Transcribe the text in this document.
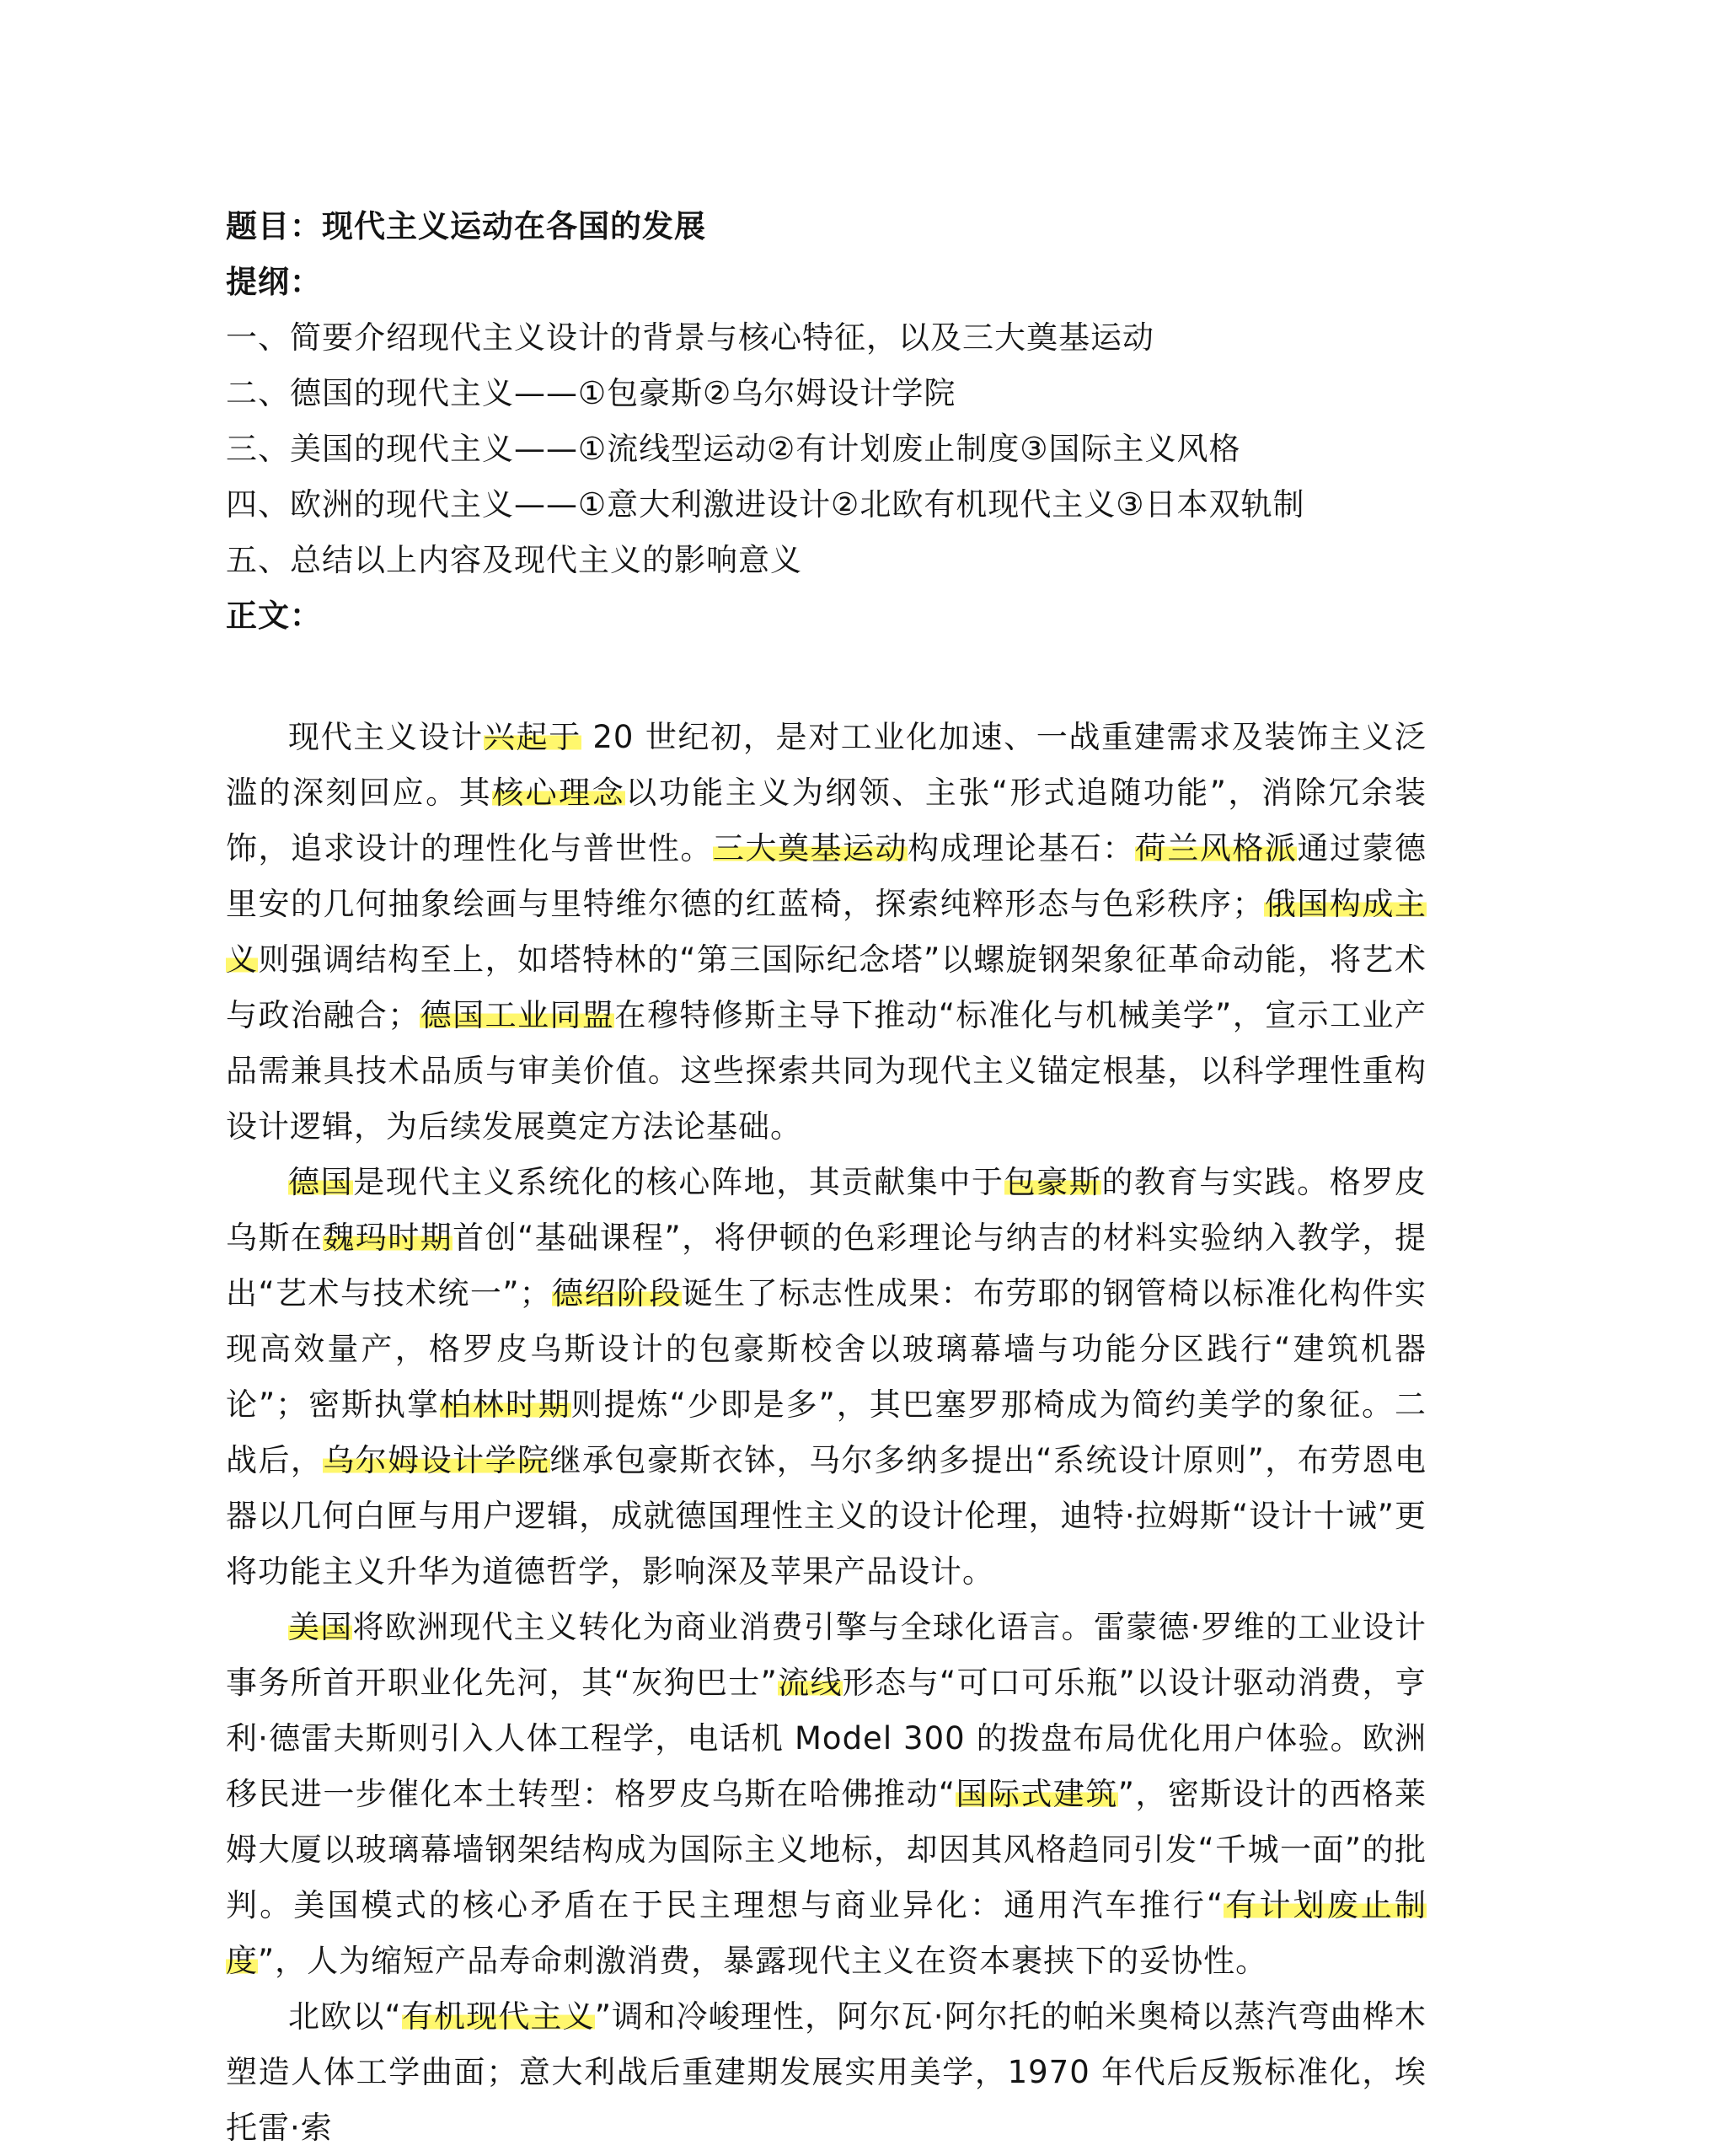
题目：现代主义运动在各国的发展
提纲：
一、简要介绍现代主义设计的背景与核心特征，以及三大奠基运动
二、德国的现代主义——①包豪斯②乌尔姆设计学院
三、美国的现代主义——①流线型运动②有计划废止制度③国际主义风格
四、欧洲的现代主义——①意大利激进设计②北欧有机现代主义③日本双轨制
五、总结以上内容及现代主义的影响意义
正文：

现代主义设计兴起于 20 世纪初，是对工业化加速、一战重建需求及装饰主义泛滥的深刻回应。其核心理念以功能主义为纲领、主张“形式追随功能”，消除冗余装饰，追求设计的理性化与普世性。三大奠基运动构成理论基石：荷兰风格派通过蒙德里安的几何抽象绘画与里特维尔德的红蓝椅，探索纯粹形态与色彩秩序；俄国构成主义则强调结构至上，如塔特林的“第三国际纪念塔”以螺旋钢架象征革命动能，将艺术与政治融合；德国工业同盟在穆特修斯主导下推动“标准化与机械美学”，宣示工业产品需兼具技术品质与审美价值。这些探索共同为现代主义锚定根基，以科学理性重构设计逻辑，为后续发展奠定方法论基础。

德国是现代主义系统化的核心阵地，其贡献集中于包豪斯的教育与实践。格罗皮乌斯在魏玛时期首创“基础课程”，将伊顿的色彩理论与纳吉的材料实验纳入教学，提出“艺术与技术统一”；德绍阶段诞生了标志性成果：布劳耶的钢管椅以标准化构件实现高效量产，格罗皮乌斯设计的包豪斯校舍以玻璃幕墙与功能分区践行“建筑机器论”；密斯执掌柏林时期则提炼“少即是多”，其巴塞罗那椅成为简约美学的象征。二战后，乌尔姆设计学院继承包豪斯衣钵，马尔多纳多提出“系统设计原则”，布劳恩电器以几何白匣与用户逻辑，成就德国理性主义的设计伦理，迪特·拉姆斯“设计十诫”更将功能主义升华为道德哲学，影响深及苹果产品设计。

美国将欧洲现代主义转化为商业消费引擎与全球化语言。雷蒙德·罗维的工业设计事务所首开职业化先河，其“灰狗巴士”流线形态与“可口可乐瓶”以设计驱动消费，亨利·德雷夫斯则引入人体工程学，电话机 Model 300 的拨盘布局优化用户体验。欧洲移民进一步催化本土转型：格罗皮乌斯在哈佛推动“国际式建筑”，密斯设计的西格莱姆大厦以玻璃幕墙钢架结构成为国际主义地标，却因其风格趋同引发“千城一面”的批判。美国模式的核心矛盾在于民主理想与商业异化：通用汽车推行“有计划废止制度”，人为缩短产品寿命刺激消费，暴露现代主义在资本裹挟下的妥协性。

北欧以“有机现代主义”调和冷峻理性，阿尔瓦·阿尔托的帕米奥椅以蒸汽弯曲桦木塑造人体工学曲面；意大利战后重建期发展实用美学，1970 年代后反叛标准化，埃托雷·索
